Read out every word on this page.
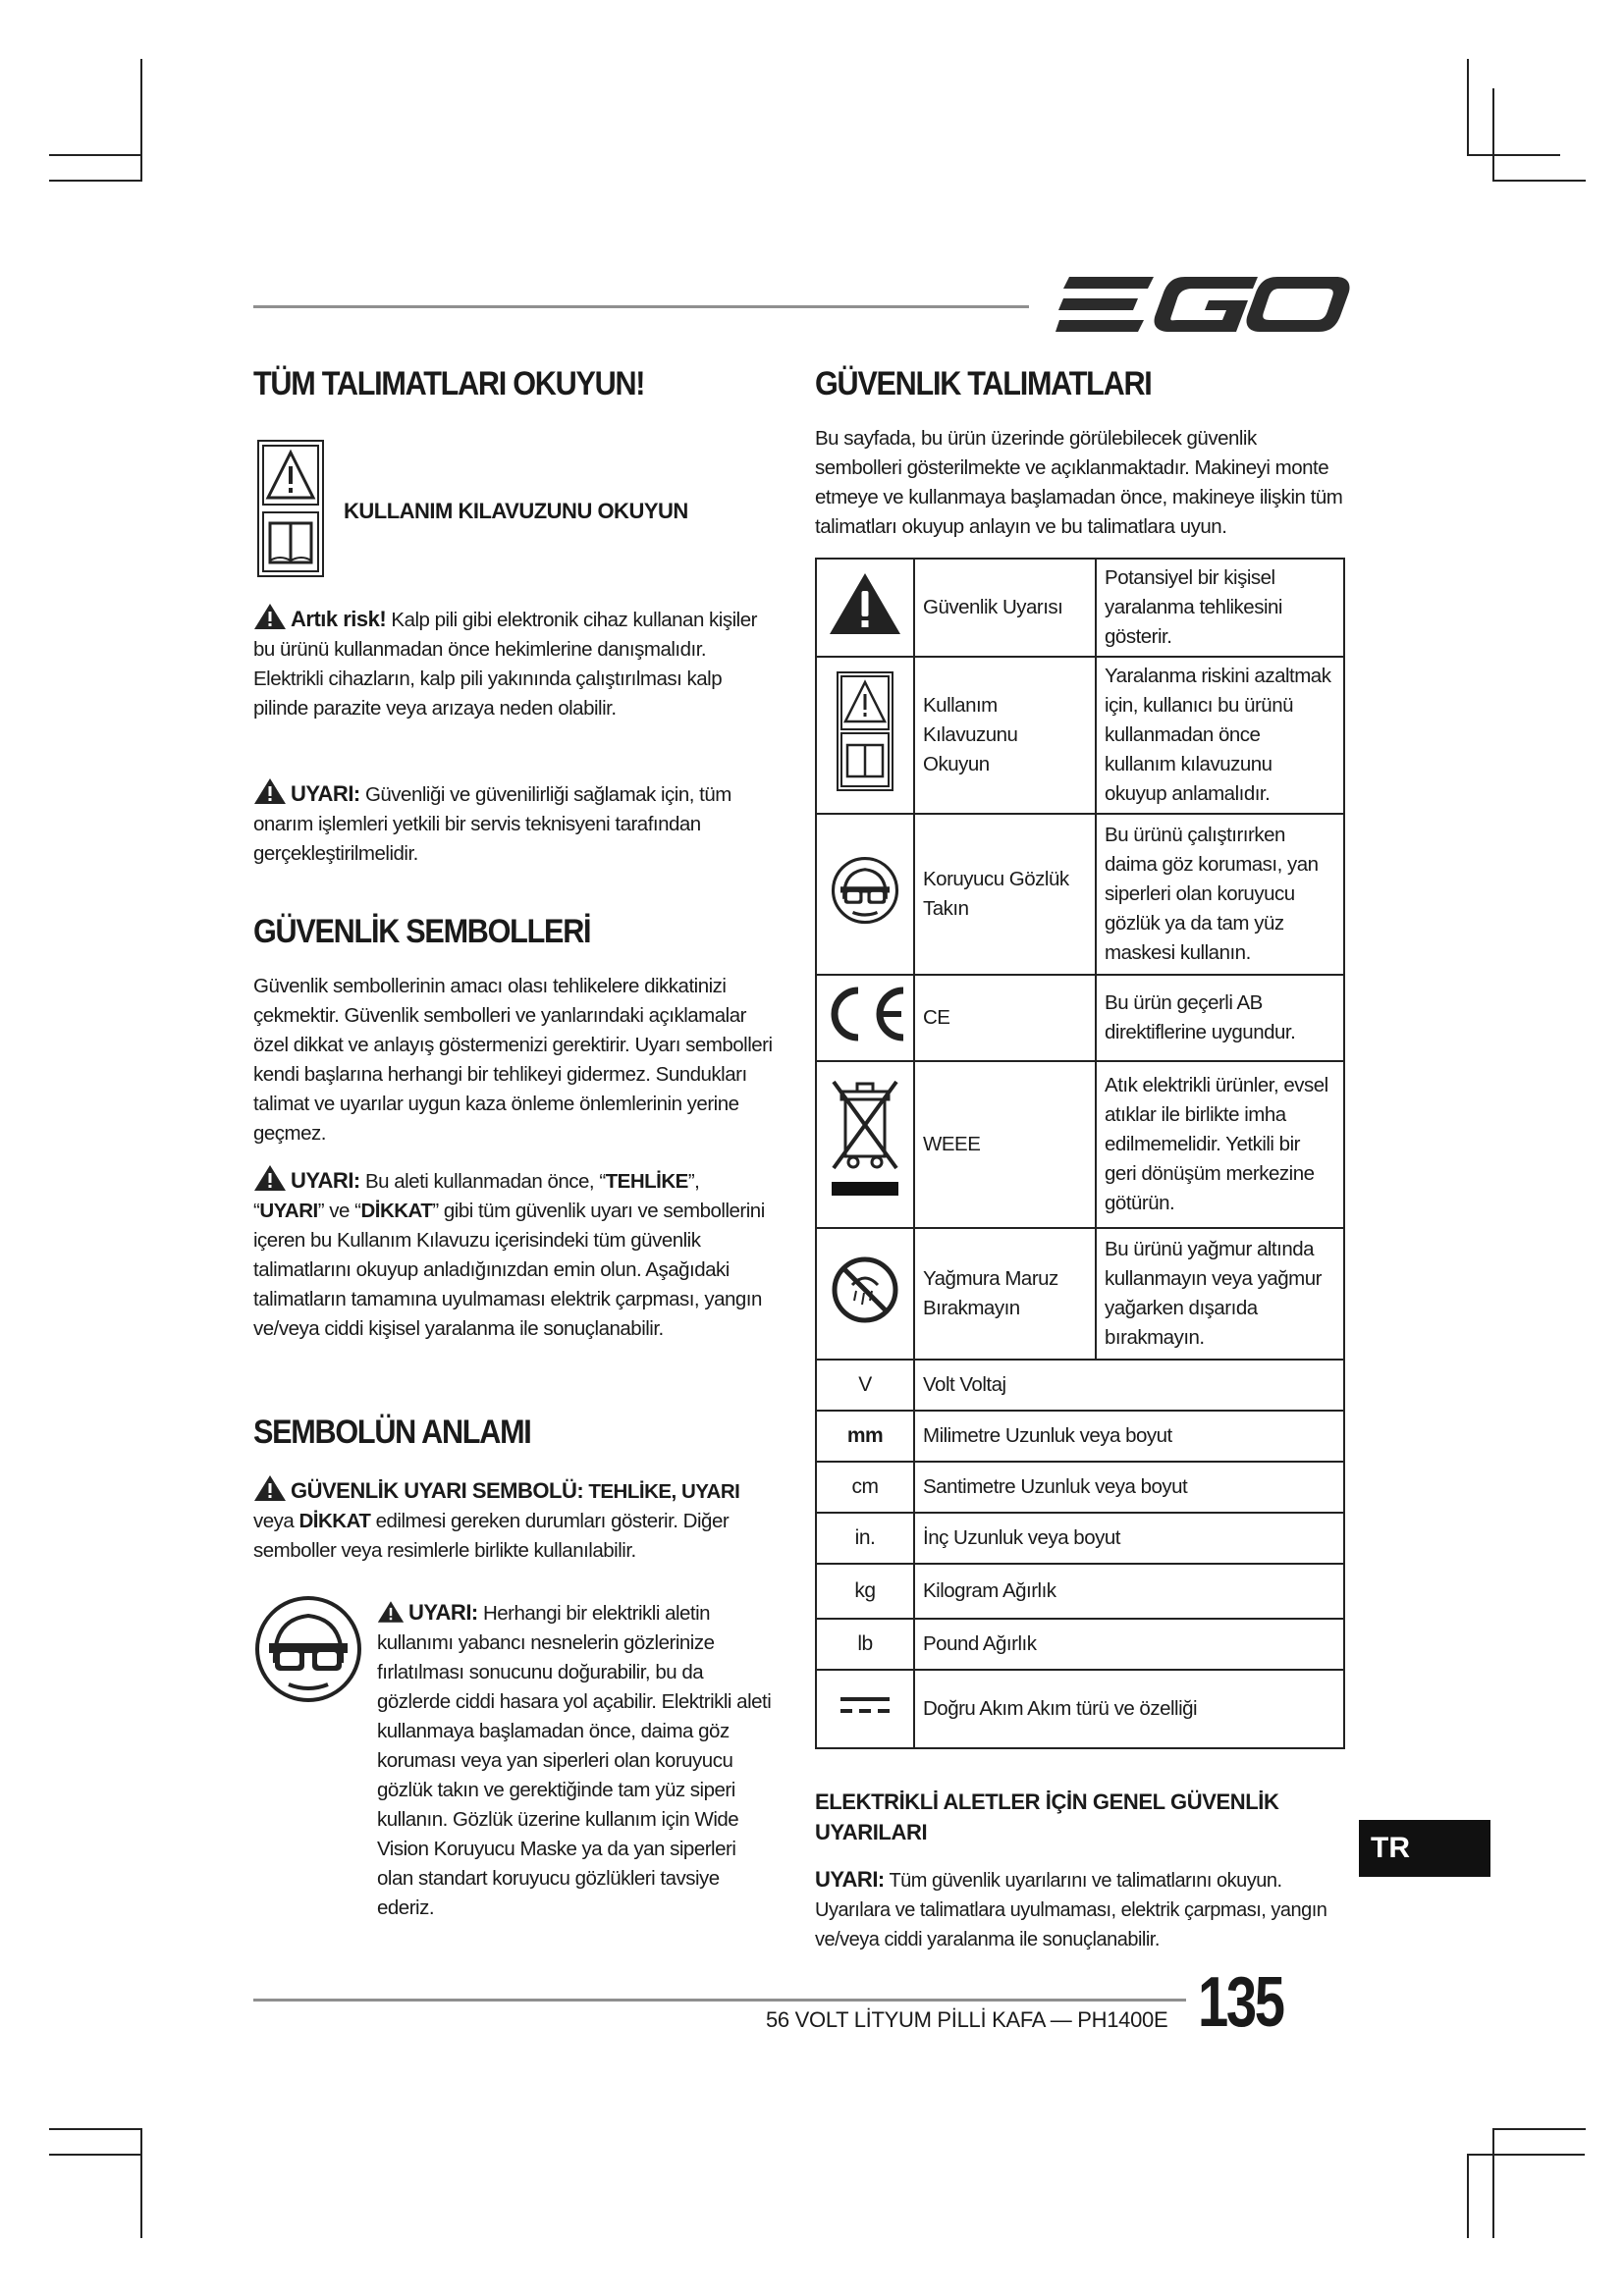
TÜM TALIMATLARI OKUYUN!
KULLANIM KILAVUZUNU OKUYUN

Artık risk! Kalp pili gibi elektronik cihaz kullanan kişiler bu ürünü kullanmadan önce hekimlerine danışmalıdır. Elektrikli cihazların, kalp pili yakınında çalıştırılması kalp pilinde parazite veya arızaya neden olabilir.

UYARI: Güvenliği ve güvenilirliği sağlamak için, tüm onarım işlemleri yetkili bir servis teknisyeni tarafından gerçekleştirilmelidir.

GÜVENLİK SEMBOLLERİ

Güvenlik sembollerinin amacı olası tehlikelere dikkatinizi çekmektir. Güvenlik sembolleri ve yanlarındaki açıklamalar özel dikkat ve anlayış göstermenizi gerektirir. Uyarı sembolleri kendi başlarına herhangi bir tehlikeyi gidermez. Sundukları talimat ve uyarılar uygun kaza önleme önlemlerinin yerine geçmez.

UYARI: Bu aleti kullanmadan önce, “TEHLİKE”, “UYARI” ve “DİKKAT” gibi tüm güvenlik uyarı ve sembollerini içeren bu Kullanım Kılavuzu içerisindeki tüm güvenlik talimatlarını okuyup anladığınızdan emin olun. Aşağıdaki talimatların tamamına uyulmaması elektrik çarpması, yangın ve/veya ciddi kişisel yaralanma ile sonuçlanabilir.

SEMBOLÜN ANLAMI

GÜVENLİK UYARI SEMBOLÜ: TEHLİKE, UYARI veya DİKKAT edilmesi gereken durumları gösterir. Diğer semboller veya resimlerle birlikte kullanılabilir.

UYARI: Herhangi bir elektrikli aletin kullanımı yabancı nesnelerin gözlerinize fırlatılması sonucunu doğurabilir, bu da gözlerde ciddi hasara yol açabilir. Elektrikli aleti kullanmaya başlamadan önce, daima göz koruması veya yan siperleri olan koruyucu gözlük takın ve gerektiğinde tam yüz siperi kullanın. Gözlük üzerine kullanım için Wide Vision Koruyucu Maske ya da yan siperleri olan standart koruyucu gözlükleri tavsiye ederiz.

GÜVENLIK TALIMATLARI

Bu sayfada, bu ürün üzerinde görülebilecek güvenlik sembolleri gösterilmekte ve açıklanmaktadır. Makineyi monte etmeye ve kullanmaya başlamadan önce, makineye ilişkin tüm talimatları okuyup anlayın ve bu talimatlara uyun.

	Güvenlik Uyarısı	Potansiyel bir kişisel yaralanma tehlikesini gösterir.
	Kullanım Kılavuzunu Okuyun	Yaralanma riskini azaltmak için, kullanıcı bu ürünü kullanmadan önce kullanım kılavuzunu okuyup anlamalıdır.
	Koruyucu Gözlük Takın	Bu ürünü çalıştırırken daima göz koruması, yan siperleri olan koruyucu gözlük ya da tam yüz maskesi kullanın.
	CE	Bu ürün geçerli AB direktiflerine uygundur.
	WEEE	Atık elektrikli ürünler, evsel atıklar ile birlikte imha edilmemelidir. Yetkili bir geri dönüşüm merkezine götürün.
	Yağmura Maruz Bırakmayın	Bu ürünü yağmur altında kullanmayın veya yağmur yağarken dışarıda bırakmayın.
V	Volt Voltaj	
mm	Milimetre Uzunluk veya boyut	
cm	Santimetre Uzunluk veya boyut	
in.	İnç Uzunluk veya boyut	
kg	Kilogram Ağırlık	
lb	Pound Ağırlık	
	Doğru Akım Akım türü ve özelliği	
ELEKTRİKLİ ALETLER İÇİN GENEL GÜVENLİK UYARILARI

UYARI: Tüm güvenlik uyarılarını ve talimatlarını okuyun. Uyarılara ve talimatlara uyulmaması, elektrik çarpması, yangın ve/veya ciddi yaralanma ile sonuçlanabilir.

TR
56 VOLT LİTYUM PİLLİ KAFA — PH1400E 135
